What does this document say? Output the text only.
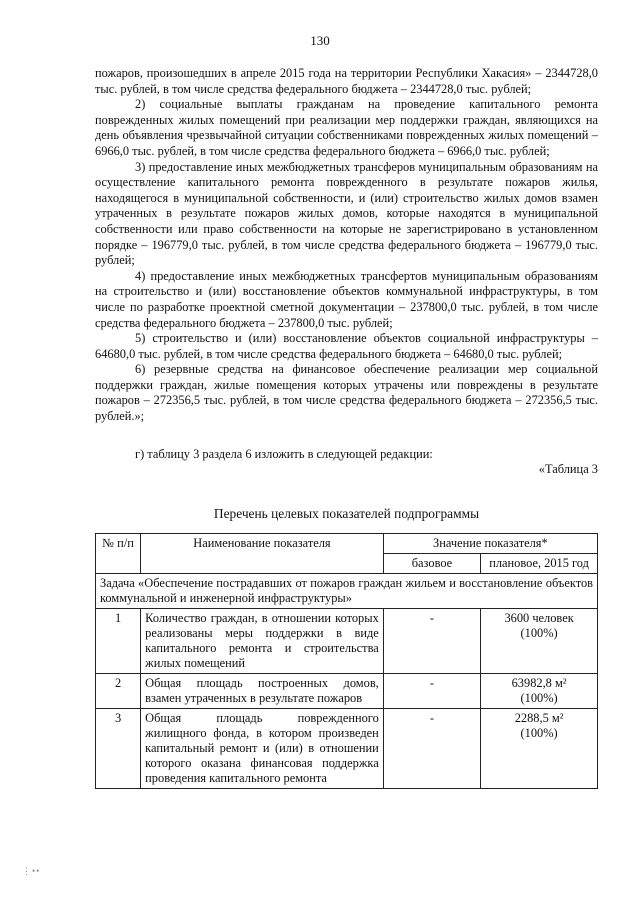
130

пожаров, произошедших в апреле 2015 года на территории Республики Хакасия» – 2344728,0 тыс. рублей, в том числе средства федерального бюджета – 2344728,0 тыс. рублей;

2) социальные выплаты гражданам на проведение капитального ремонта поврежденных жилых помещений при реализации мер поддержки граждан, являющихся на день объявления чрезвычайной ситуации собственниками поврежденных жилых помещений – 6966,0 тыс. рублей, в том числе средства федерального бюджета – 6966,0 тыс. рублей;

3) предоставление иных межбюджетных трансферов муниципальным образованиям на осуществление капитального ремонта поврежденного в результате пожаров жилья, находящегося в муниципальной собственности, и (или) строительство жилых домов взамен утраченных в результате пожаров жилых домов, которые находятся в муниципальной собственности или право собственности на которые не зарегистрировано в установленном порядке – 196779,0 тыс. рублей, в том числе средства федерального бюджета – 196779,0 тыс. рублей;

4) предоставление иных межбюджетных трансфертов муниципальным образованиям на строительство и (или) восстановление объектов коммунальной инфраструктуры, в том числе по разработке проектной сметной документации – 237800,0 тыс. рублей, в том числе средства федерального бюджета – 237800,0 тыс. рублей;

5) строительство и (или) восстановление объектов социальной инфраструктуры – 64680,0 тыс. рублей, в том числе средства федерального бюджета – 64680,0 тыс. рублей;

6) резервные средства на финансовое обеспечение реализации мер социальной поддержки граждан, жилые помещения которых утрачены или повреждены в результате пожаров – 272356,5 тыс. рублей, в том числе средства федерального бюджета – 272356,5 тыс. рублей.»;

г) таблицу 3 раздела 6 изложить в следующей редакции:

«Таблица 3

Перечень целевых показателей подпрограммы

№ п/п	Наименование показателя	Значение показателя*	
		базовое	плановое, 2015 год
Задача «Обеспечение пострадавших от пожаров граждан жильем и восстановление объектов коммунальной и инженерной инфраструктуры»			
1	Количество граждан, в отношении которых реализованы меры поддержки в виде капитального ремонта и строительства жилых помещений	-	3600 человек
(100%)

2	Общая площадь построенных домов, взамен утраченных в результате пожаров	-	63982,8 м²
(100%)

3	Общая площадь поврежденного жилищного фонда, в котором произведен капитальный ремонт и (или) в отношении которого оказана финансовая поддержка проведения капитального ремонта	-	2288,5 м²
(100%)
⋮••
